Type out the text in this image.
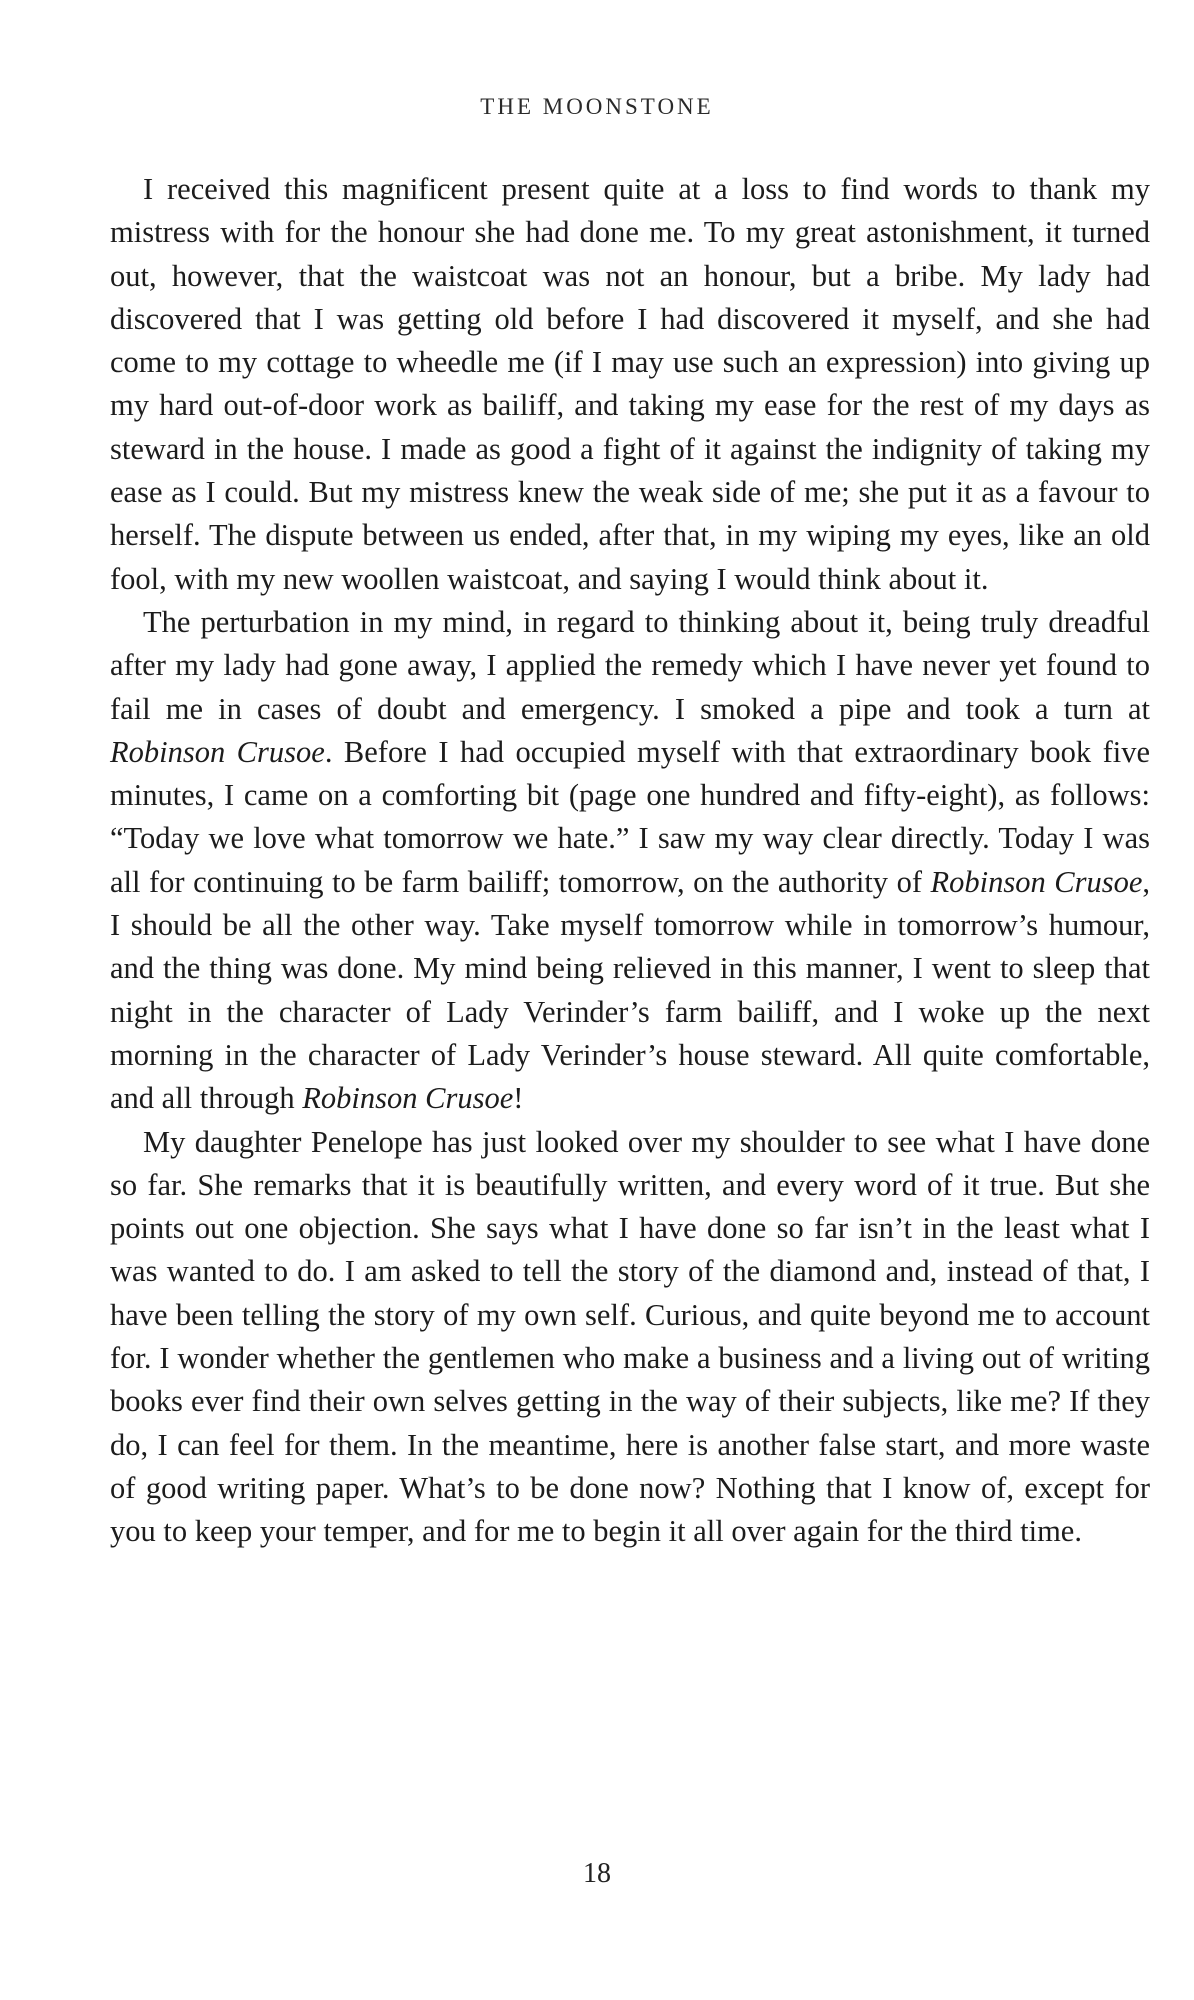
THE MOONSTONE

I received this magnificent present quite at a loss to find words to thank my mistress with for the honour she had done me. To my great astonishment, it turned out, however, that the waistcoat was not an honour, but a bribe. My lady had discovered that I was getting old before I had discovered it myself, and she had come to my cottage to wheedle me (if I may use such an expression) into giving up my hard out-of-door work as bailiff, and taking my ease for the rest of my days as steward in the house. I made as good a fight of it against the indignity of taking my ease as I could. But my mistress knew the weak side of me; she put it as a favour to herself. The dispute between us ended, after that, in my wiping my eyes, like an old fool, with my new woollen waistcoat, and saying I would think about it.

The perturbation in my mind, in regard to thinking about it, being truly dreadful after my lady had gone away, I applied the remedy which I have never yet found to fail me in cases of doubt and emergency. I smoked a pipe and took a turn at Robinson Crusoe. Before I had occupied myself with that extraordinary book five minutes, I came on a comforting bit (page one hundred and fifty-eight), as follows: “Today we love what tomorrow we hate.” I saw my way clear directly. Today I was all for continuing to be farm bailiff; tomorrow, on the authority of Robinson Crusoe, I should be all the other way. Take myself tomorrow while in tomorrow’s humour, and the thing was done. My mind being relieved in this manner, I went to sleep that night in the character of Lady Verinder’s farm bailiff, and I woke up the next morning in the character of Lady Verinder’s house steward. All quite comfortable, and all through Robinson Crusoe!

My daughter Penelope has just looked over my shoulder to see what I have done so far. She remarks that it is beautifully written, and every word of it true. But she points out one objection. She says what I have done so far isn’t in the least what I was wanted to do. I am asked to tell the story of the diamond and, instead of that, I have been telling the story of my own self. Curious, and quite beyond me to account for. I wonder whether the gentlemen who make a business and a living out of writing books ever find their own selves getting in the way of their subjects, like me? If they do, I can feel for them. In the meantime, here is another false start, and more waste of good writing paper. What’s to be done now? Nothing that I know of, except for you to keep your temper, and for me to begin it all over again for the third time.

18
